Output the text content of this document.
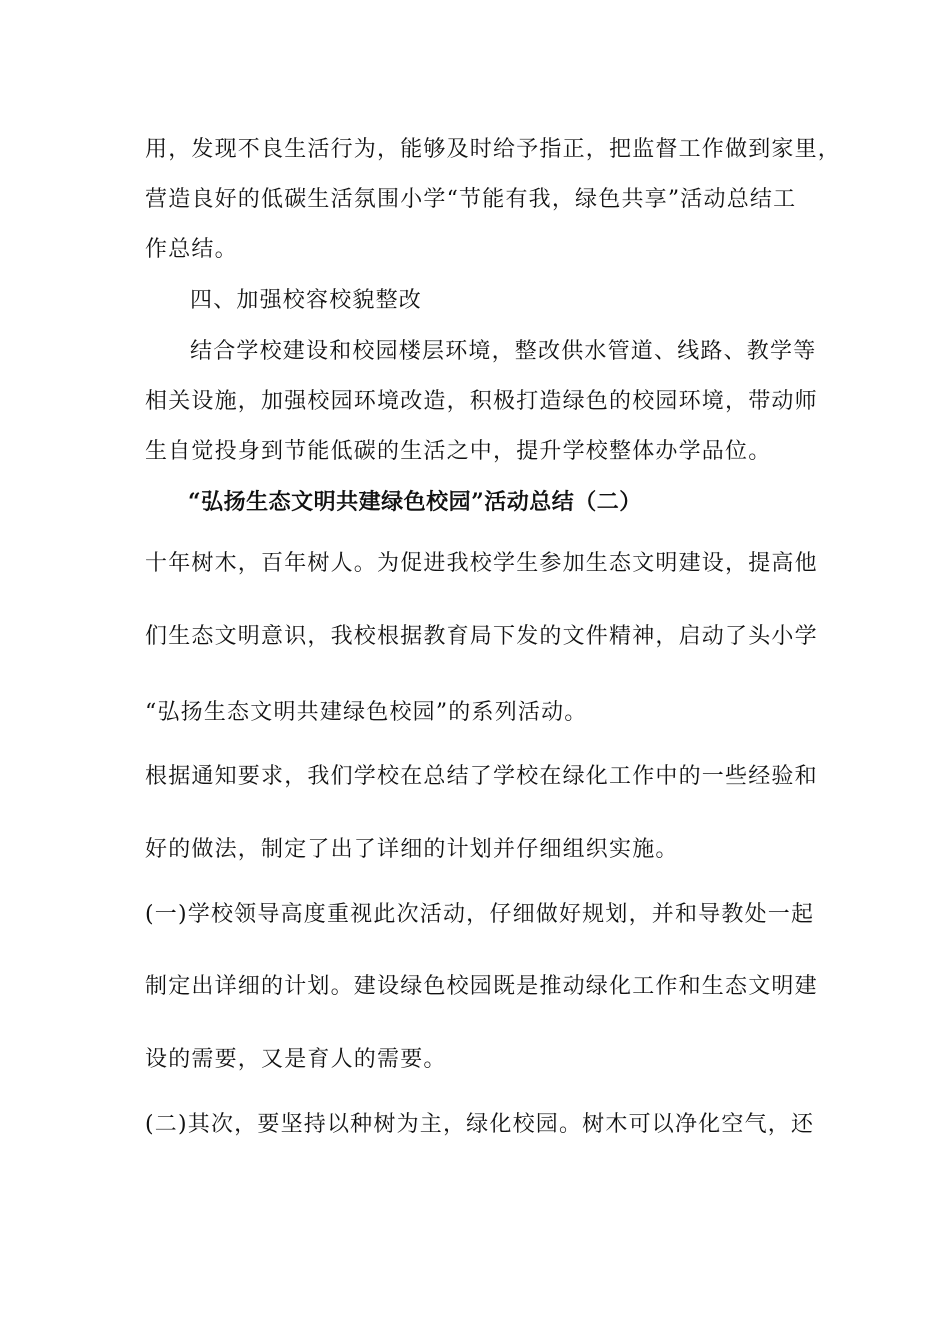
用，发现不良生活行为，能够及时给予指正，把监督工作做到家里，
营造良好的低碳生活氛围小学“节能有我，绿色共享”活动总结工
作总结。
四、加强校容校貌整改
结合学校建设和校园楼层环境，整改供水管道、线路、教学等
相关设施，加强校园环境改造，积极打造绿色的校园环境，带动师
生自觉投身到节能低碳的生活之中，提升学校整体办学品位。
“弘扬生态文明共建绿色校园”活动总结（二）
十年树木，百年树人。为促进我校学生参加生态文明建设，提高他
们生态文明意识，我校根据教育局下发的文件精神，启动了头小学
“弘扬生态文明共建绿色校园”的系列活动。
根据通知要求，我们学校在总结了学校在绿化工作中的一些经验和
好的做法，制定了出了详细的计划并仔细组织实施。
(一)学校领导高度重视此次活动，仔细做好规划，并和导教处一起
制定出详细的计划。建设绿色校园既是推动绿化工作和生态文明建
设的需要，又是育人的需要。
(二)其次，要坚持以种树为主，绿化校园。树木可以净化空气，还
